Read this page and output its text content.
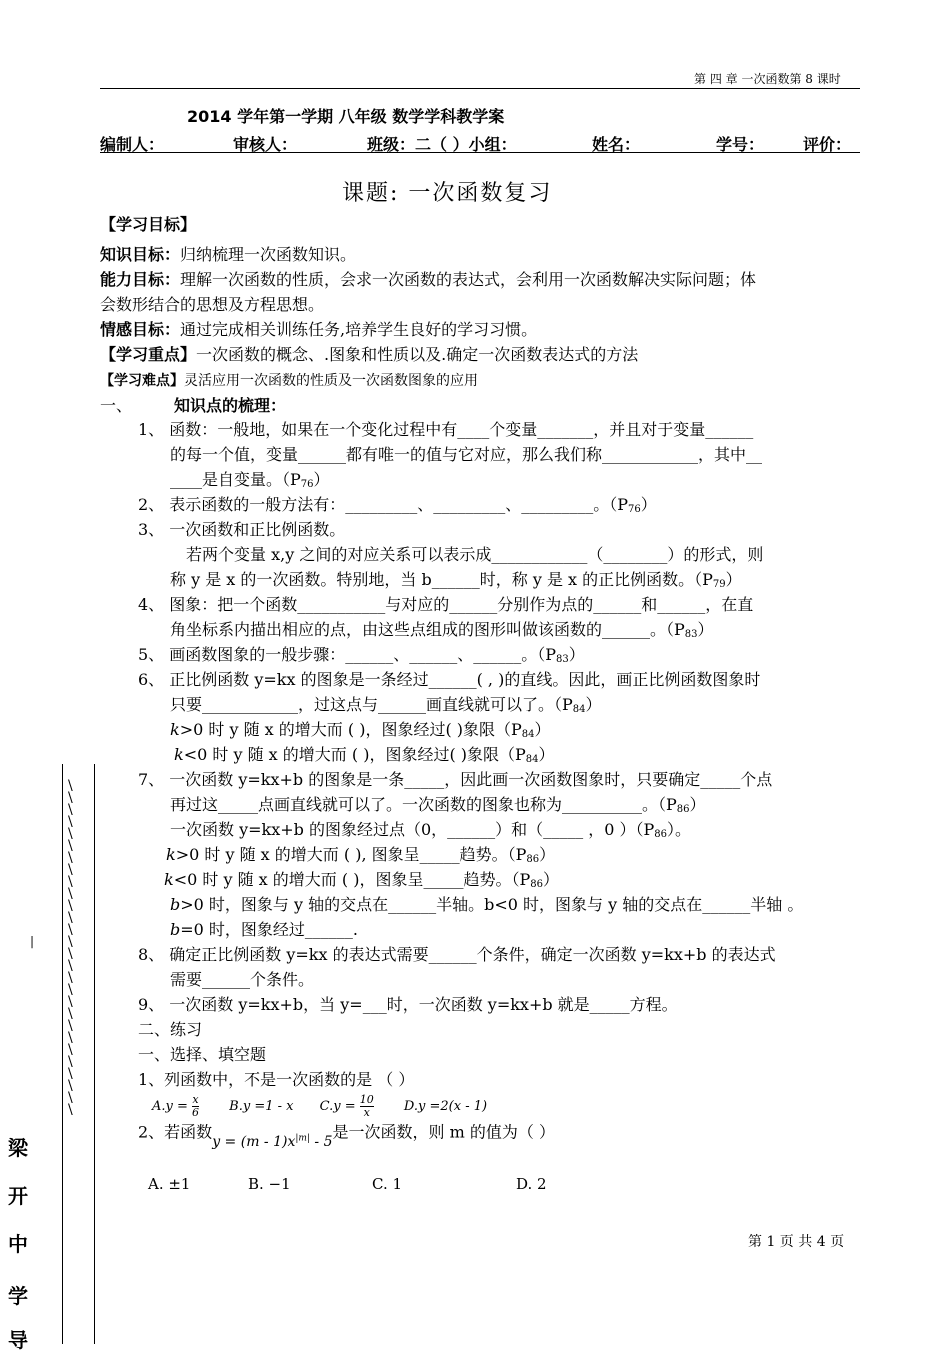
第 四 章 一次函数第 8 课时
2014 学年第一学期 八年级 数学学科教学案
编制人：	审核人：	班级：二（ ）小组：	姓名：	学号： 评价：
课题: 一次函数复习
【学习目标】
知识目标：归纳梳理一次函数知识。
能力目标：理解一次函数的性质，会求一次函数的表达式，会利用一次函数解决实际问题；体
会数形结合的思想及方程思想。
情感目标：通过完成相关训练任务,培养学生良好的学习习惯。
【学习重点】一次函数的概念、.图象和性质以及.确定一次函数表达式的方法
【学习难点】灵活应用一次函数的性质及一次函数图象的应用
一、	知识点的梳理：
1、 函数：一般地，如果在一个变化过程中有____个变量_______，并且对于变量______
的每一个值，变量______都有唯一的值与它对应，那么我们称____________，其中__
____是自变量。$(P_{76})$
2、 表示函数的一般方法有：_________、_________、_________。$(P_{76})$
3、 一次函数和正比例函数。
若两个变量 x,y 之间的对应关系可以表示成____________（________）的形式，则
称 y 是 x 的一次函数。特别地，当 b______时，称 y 是 x 的正比例函数。$(P_{79})$
4、 图象：把一个函数___________与对应的______分别作为点的______和______，在直
角坐标系内描出相应的点，由这些点组成的图形叫做该函数的______。$(P_{83})$
5、 画函数图象的一般步骤：______、______、______。$(P_{83})$
6、 正比例函数 y=kx 的图象是一条经过______( , )的直线。因此，画正比例函数图象时
只要____________，过这点与______画直线就可以了。$(P_{84})$
k>0 时 y 随 x 的增大而 ( )，图象经过( )象限$(P_{84})$
k<0 时 y 随 x 的增大而 ( )，图象经过( )象限$(P_{84})$
7、 一次函数 y=kx+b 的图象是一条_____，因此画一次函数图象时，只要确定_____个点
再过这_____点画直线就可以了。一次函数的图象也称为__________。$(P_{86})$
一次函数 y=kx+b 的图象经过点（0，______）和（_____ ，0 ）$(P_{86})$。
k>0 时 y 随 x 的增大而 ( ), 图象呈_____趋势。$(P_{86})$
k<0 时 y 随 x 的增大而 ( )，图象呈_____趋势。$(P_{86})$
b>0 时，图象与 y 轴的交点在______半轴。b<0 时，图象与 y 轴的交点在______半轴 。
b=0 时，图象经过______.
8、 确定正比例函数 y=kx 的表达式需要______个条件，确定一次函数 y=kx+b 的表达式
需要______个条件。
9、 一次函数 y=kx+b，当 y=___时，一次函数 y=kx+b 就是_____方程。
二、练习
一、选择、填空题
1、列函数中，不是一次函数的是 （ ）
$A.y = \frac{x}{6} B.y =1 - x$ $C.y = \frac{10}{x} D.y =2(x - 1)$
2、若函数$y = (m - 1)x^{|m|} - 5$是一次函数，则 m 的值为（ ）
A. ±1	B. −1	C. 1	D. 2
第 1 页 共 4 页
\
\
\
\
\
\
\
\
\
\
\
\
\
\
\
\
\
\
\
\
\
\
\
\
\
\
\
\

|
梁
开
中
学
导
